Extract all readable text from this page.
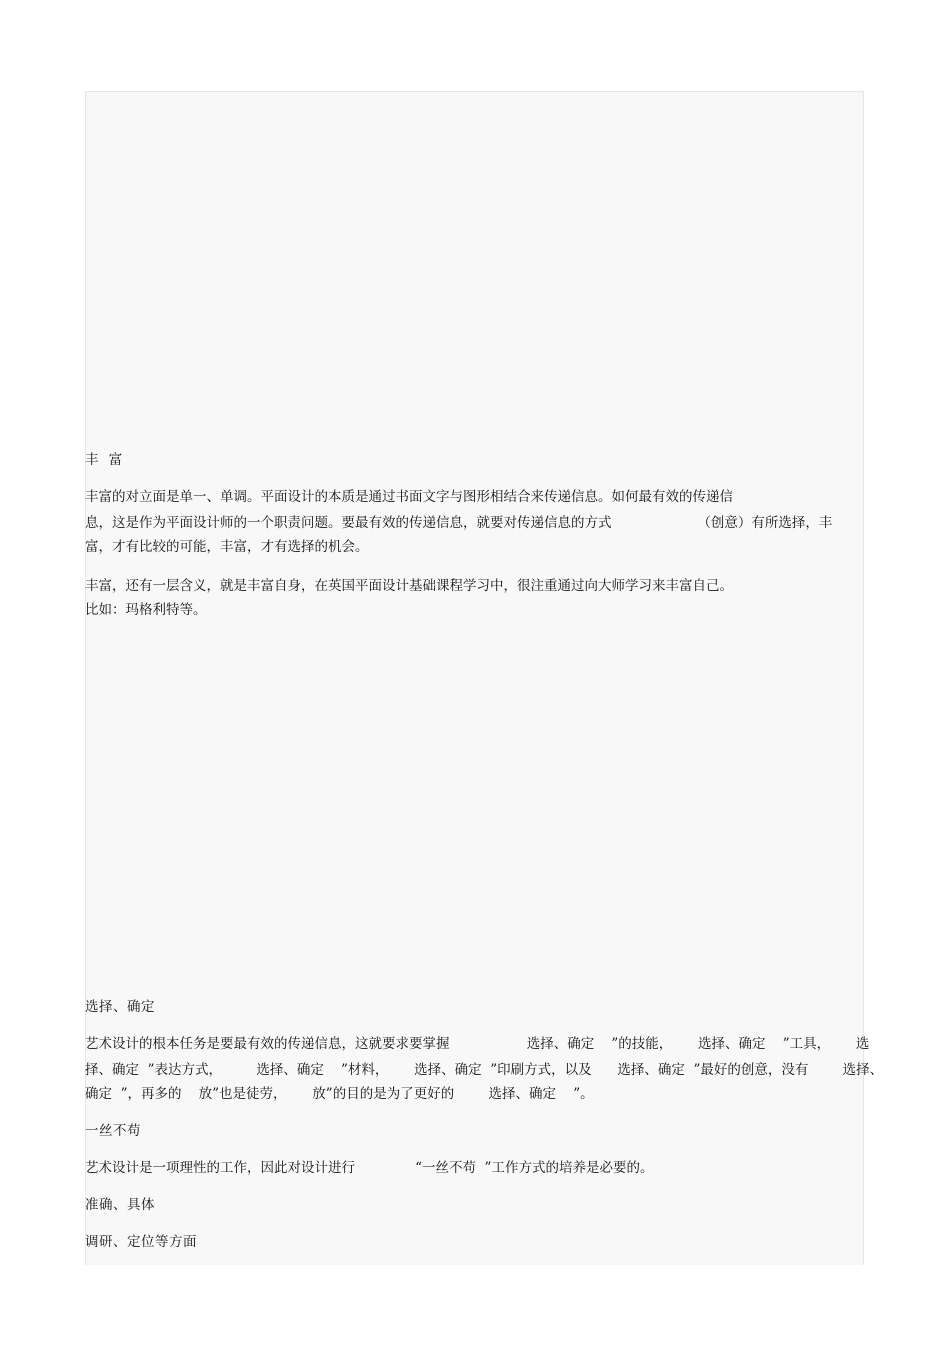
丰  富

丰富的对立面是单一、单调。平面设计的本质是通过书面文字与图形相结合来传递信息。如何最有效的传递信

息，这是作为平面设计师的一个职责问题。要最有效的传递信息，就要对传递信息的方式                    （创意）有所选择，丰

富，才有比较的可能，丰富，才有选择的机会。

丰富，还有一层含义，就是丰富自身，在英国平面设计基础课程学习中，很注重通过向大师学习来丰富自己。

比如：玛格利特等。

选择、确定

艺术设计的根本任务是要最有效的传递信息，这就要求要掌握                  选择、确定    ”的技能，      选择、确定    ”工具，      选

择、确定  ”表达方式，        选择、确定    ”材料，      选择、确定  ”印刷方式，以及      选择、确定  ”最好的创意，没有        选择、

确定  ”，再多的    放”也是徒劳，      放”的目的是为了更好的        选择、确定    ”。

一丝不苟

艺术设计是一项理性的工作，因此对设计进行              “一丝不苟  ”工作方式的培养是必要的。

准确、具体

调研、定位等方面
